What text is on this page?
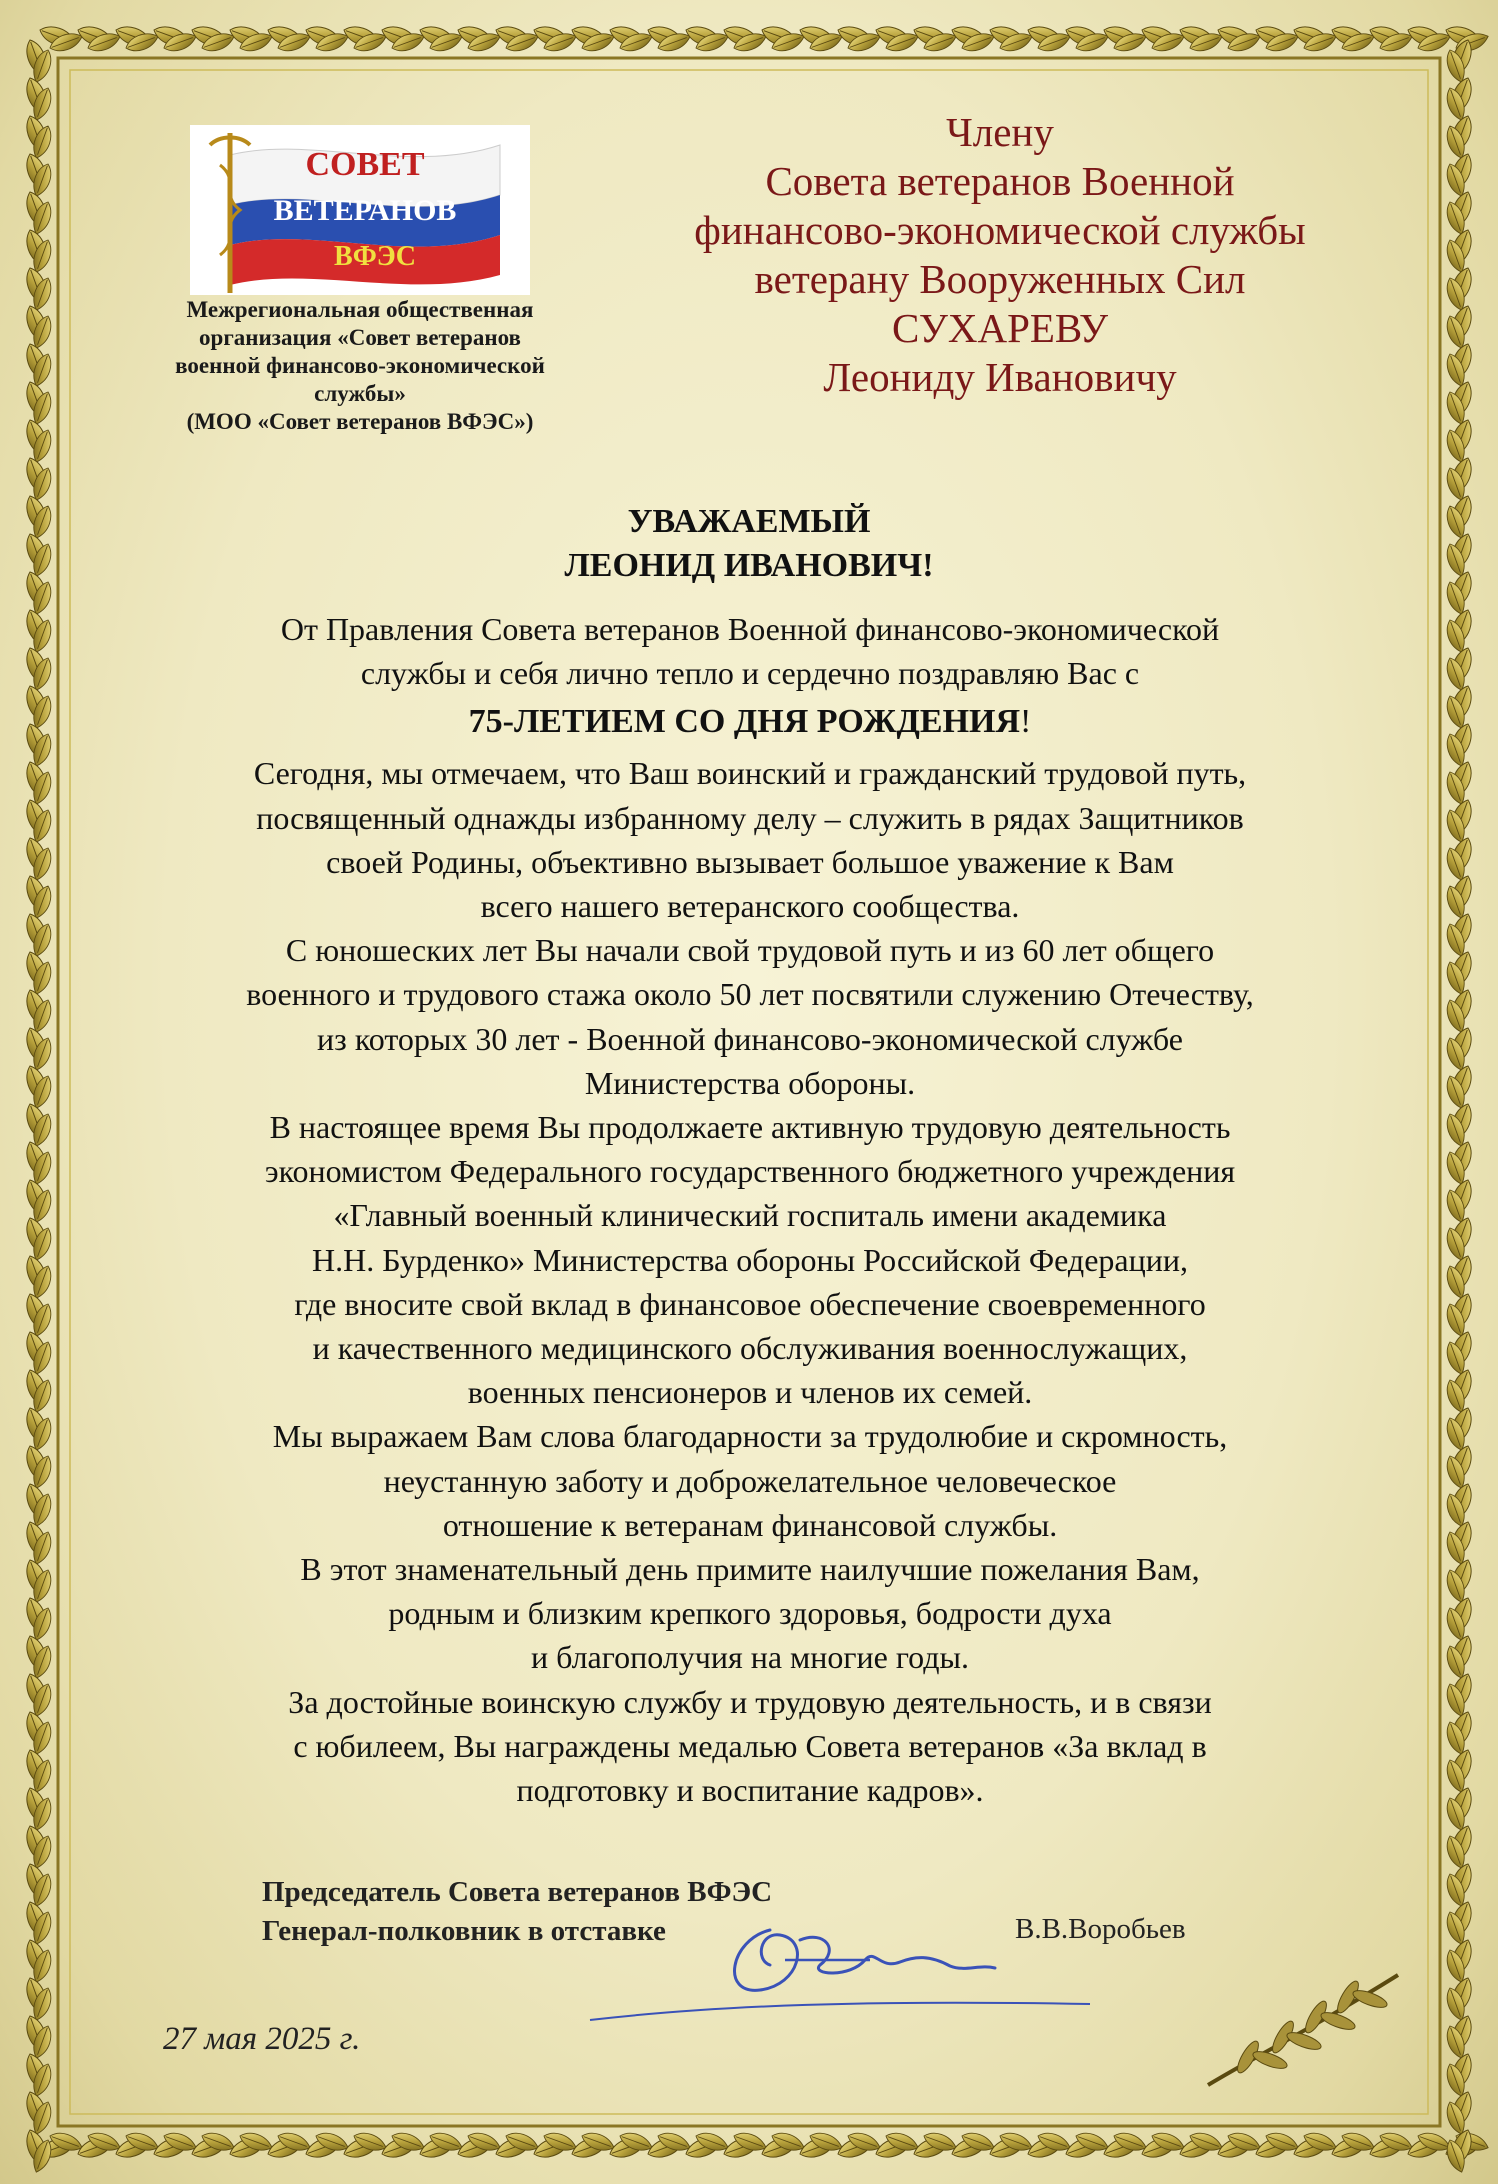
СОВЕТ
ВЕТЕРАНОВ
ВФЭС
Межрегиональная общественная
организация «Совет ветеранов
военной финансово-экономической
службы»
(МОО «Совет ветеранов ВФЭС»)
Члену
Совета ветеранов Военной
финансово-экономической службы
ветерану Вооруженных Сил
СУХАРЕВУ
Леониду Ивановичу
УВАЖАЕМЫЙ
ЛЕОНИД ИВАНОВИЧ!

От Правления Совета ветеранов Военной финансово-экономической

службы и себя лично тепло и сердечно поздравляю Вас с

75-ЛЕТИЕМ СО ДНЯ РОЖДЕНИЯ!

Сегодня, мы отмечаем, что Ваш воинский и гражданский трудовой путь,

посвященный однажды избранному делу – служить в рядах Защитников

своей Родины, объективно вызывает большое уважение к Вам

всего нашего ветеранского сообщества.

С юношеских лет Вы начали свой трудовой путь и из 60 лет общего

военного и трудового стажа около 50 лет посвятили служению Отечеству,

из которых 30 лет - Военной финансово-экономической службе

Министерства обороны.

В настоящее время Вы продолжаете активную трудовую деятельность

экономистом Федерального государственного бюджетного учреждения

«Главный военный клинический госпиталь имени академика

Н.Н. Бурденко» Министерства обороны Российской Федерации,

где вносите свой вклад в финансовое обеспечение своевременного

и качественного медицинского обслуживания военнослужащих,

военных пенсионеров и членов их семей.

Мы выражаем Вам слова благодарности за трудолюбие и скромность,

неустанную заботу и доброжелательное человеческое

отношение к ветеранам финансовой службы.

В этот знаменательный день примите наилучшие пожелания Вам,

родным и близким крепкого здоровья, бодрости духа

и благополучия на многие годы.

За достойные воинскую службу и трудовую деятельность, и в связи

с юбилеем, Вы награждены медалью Совета ветеранов «За вклад в

подготовку и воспитание кадров».

Председатель Совета ветеранов ВФЭС
Генерал-полковник в отставке	В.В.Воробьев
27 мая 2025 г.
